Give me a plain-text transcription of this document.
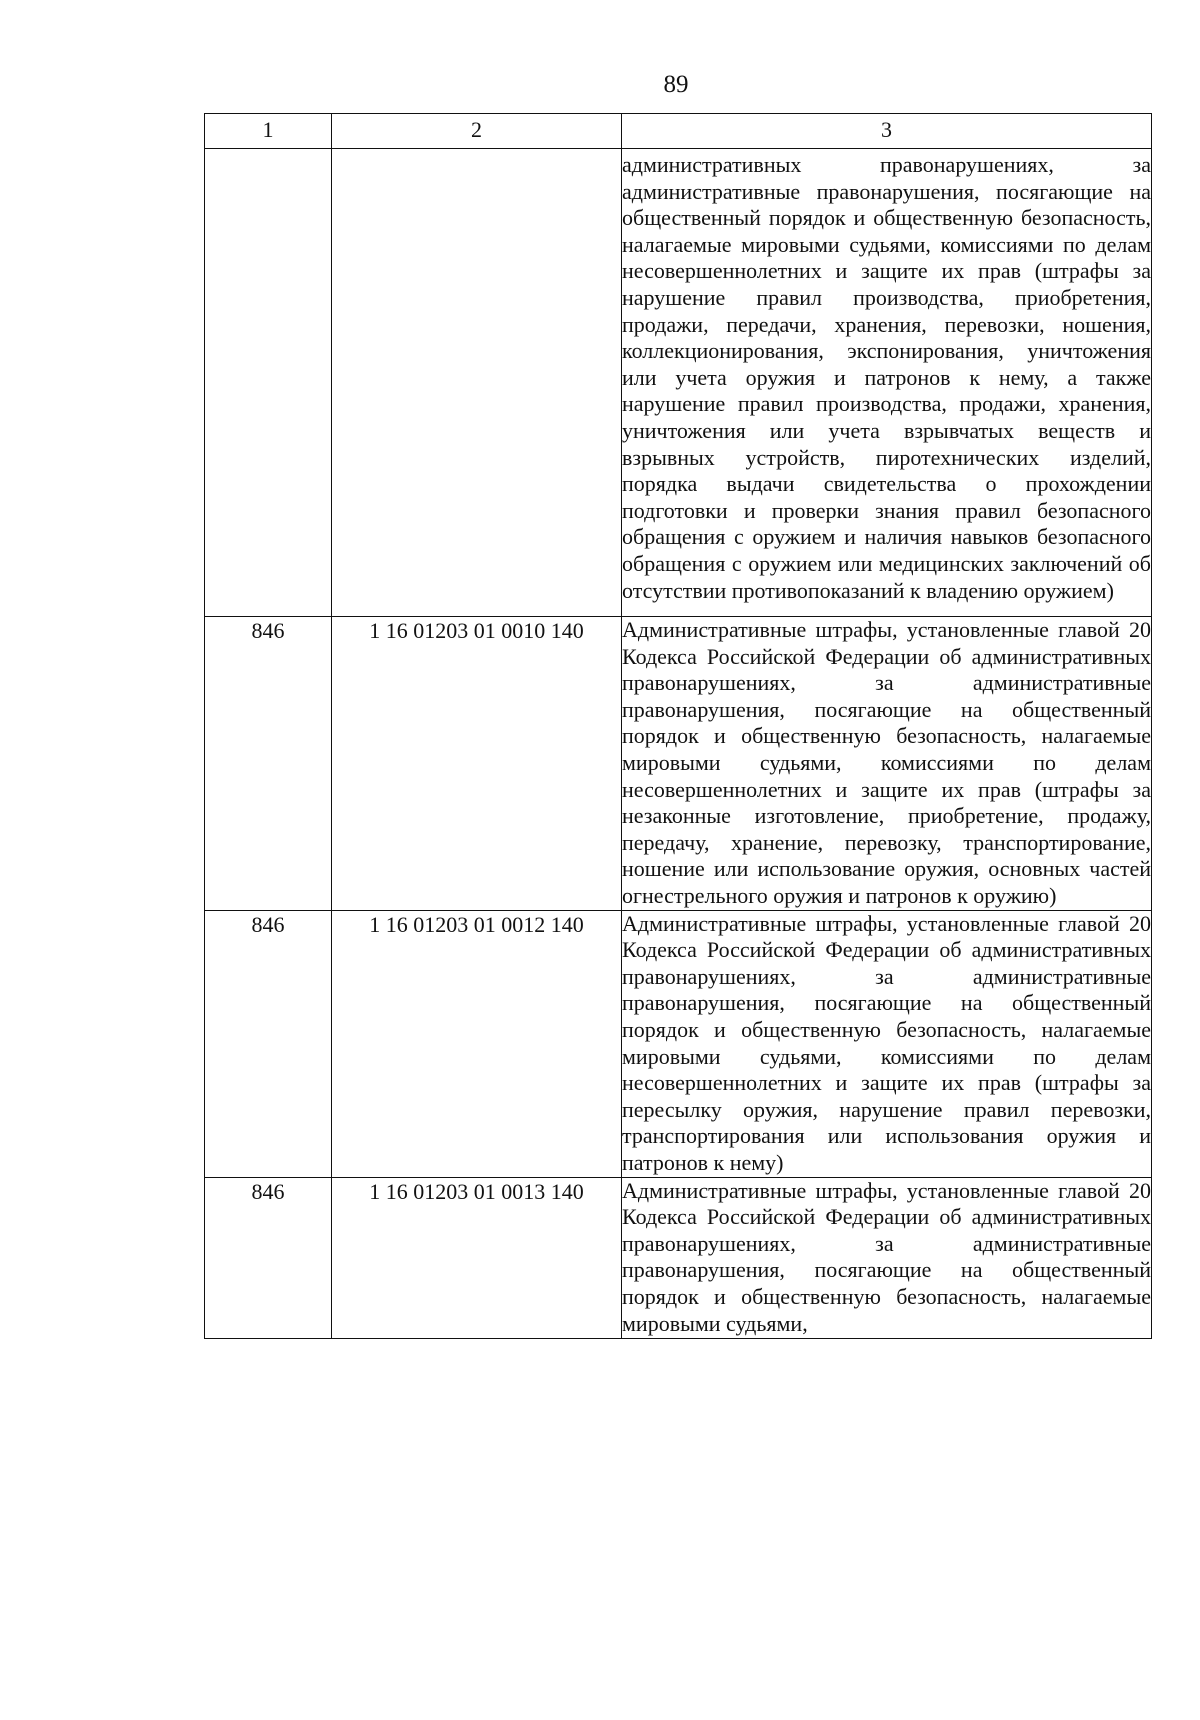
89
1	2	3

		административных правонарушениях, за административные правонарушения, посягающие на общественный порядок и общественную безопасность, налагаемые мировыми судьями, комиссиями по делам несовершеннолетних и защите их прав (штрафы за нарушение правил производства, приобретения, продажи, передачи, хранения, перевозки, ношения, коллекционирования, экспонирования, уничтожения или учета оружия и патронов к нему, а также нарушение правил производства, продажи, хранения, уничтожения или учета взрывчатых веществ и взрывных устройств, пиротехнических изделий, порядка выдачи свидетельства о прохождении подготовки и проверки знания правил безопасного обращения с оружием и наличия навыков безопасного обращения с оружием или медицинских заключений об отсутствии противопоказаний к владению оружием)

846	1 16 01203 01 0010 140	Административные штрафы, установленные главой 20 Кодекса Российской Федерации об административных правонарушениях, за административные правонарушения, посягающие на общественный порядок и общественную безопасность, налагаемые мировыми судьями, комиссиями по делам несовершеннолетних и защите их прав (штрафы за незаконные изготовление, приобретение, продажу, передачу, хранение, перевозку, транспортирование, ношение или использование оружия, основных частей огнестрельного оружия и патронов к оружию)

846	1 16 01203 01 0012 140	Административные штрафы, установленные главой 20 Кодекса Российской Федерации об административных правонарушениях, за административные правонарушения, посягающие на общественный порядок и общественную безопасность, налагаемые мировыми судьями, комиссиями по делам несовершеннолетних и защите их прав (штрафы за пересылку оружия, нарушение правил перевозки, транспортирования или использования оружия и патронов к нему)

846	1 16 01203 01 0013 140	Административные штрафы, установленные главой 20 Кодекса Российской Федерации об административных правонарушениях, за административные правонарушения, посягающие на общественный порядок и общественную безопасность, налагаемые мировыми судьями,
